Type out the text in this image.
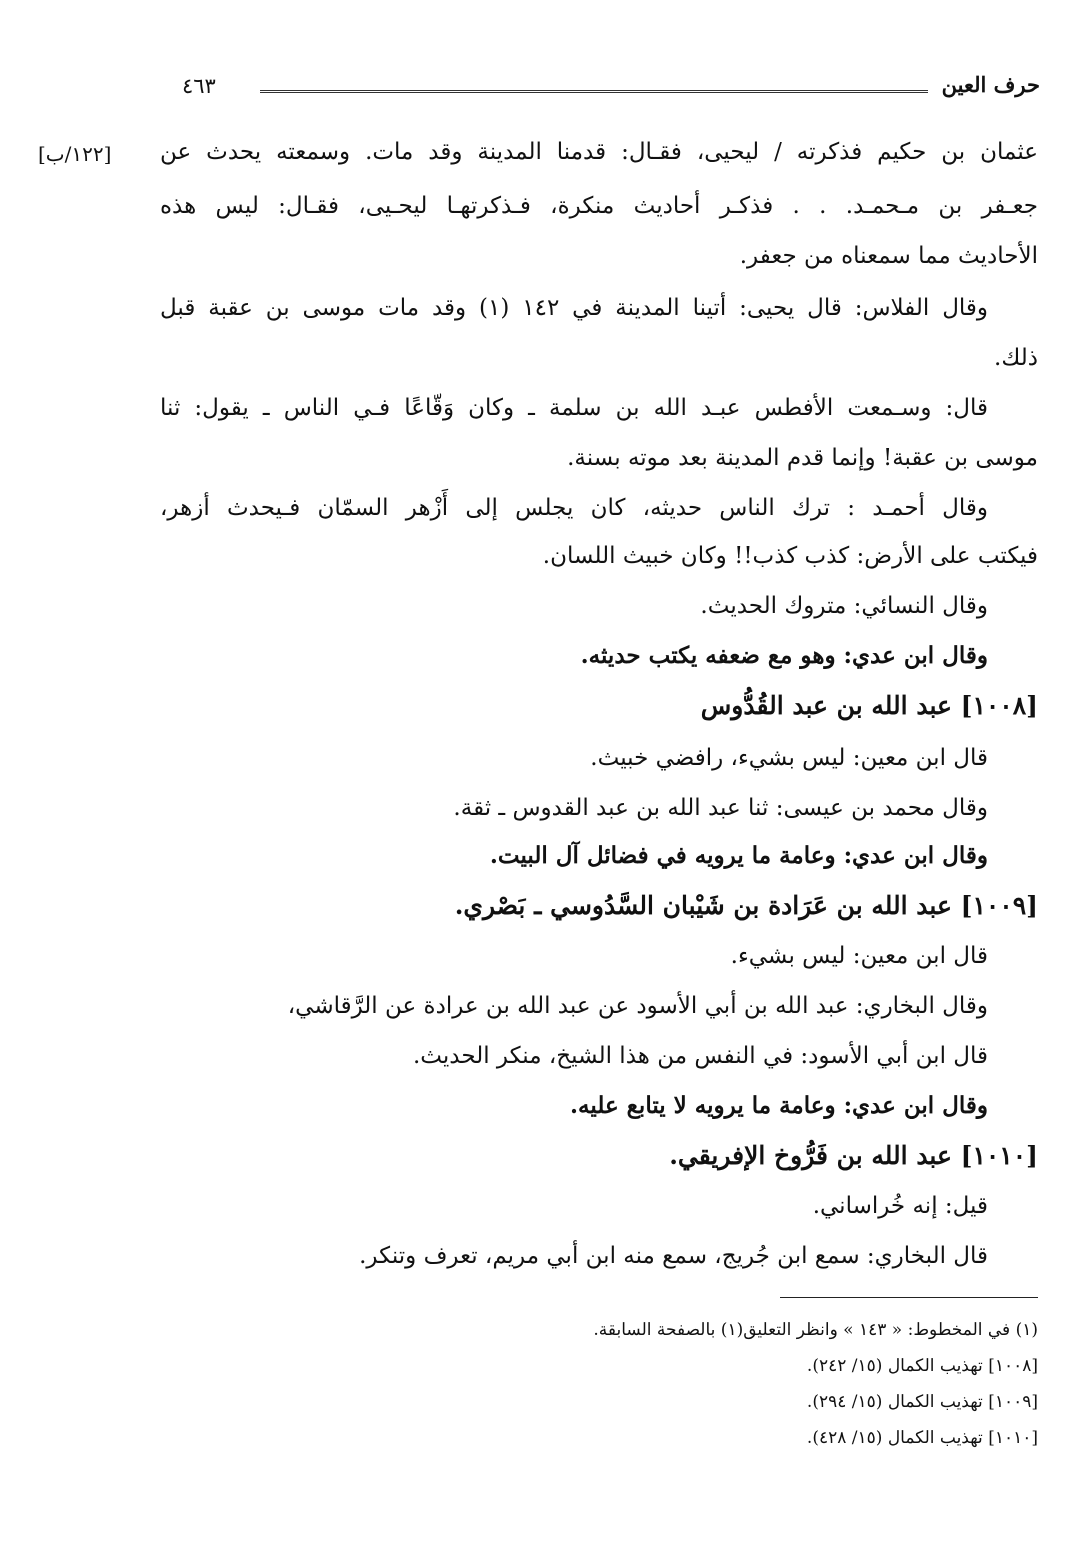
حرف العين
٤٦٣
[١٢٢/ب] عثمان بن حكيم فذكرته / ليحيى، فقـال: قدمنا المدينة وقد مات. وسمعته يحدث عن
جعـفر بن مـحمـد. . . فذكـر أحاديث منكرة، فـذكرتهـا ليحـيى، فقـال: ليس هذه
الأحاديث مما سمعناه من جعفر.
وقال الفلاس: قال يحيى: أتينا المدينة في ١٤٢ (١) وقد مات موسى بن عقبة قبل
ذلك.
قال: وسـمعت الأفطس عبـد الله بن سلمة ـ وكان وَقّاعًا فـي الناس ـ يقول: ثنا
موسى بن عقبة! وإنما قدم المدينة بعد موته بسنة.
وقال أحمـد : ترك الناس حديثه، كان يجلس إلى أَزْهر السمّان فـيحدث أزهر،
فيكتب على الأرض: كذب كذب!! وكان خبيث اللسان.
وقال النسائي: متروك الحديث.
وقال ابن عدي: وهو مع ضعفه يكتب حديثه.
[١٠٠٨] عبد الله بن عبد القُدُّوس
قال ابن معين: ليس بشيء، رافضي خبيث.
وقال محمد بن عيسى: ثنا عبد الله بن عبد القدوس ـ ثقة.
وقال ابن عدي: وعامة ما يرويه في فضائل آل البيت.
[١٠٠٩] عبد الله بن عَرَادة بن شَيْبان السَّدُوسي ـ بَصْري.
قال ابن معين: ليس بشيء.
وقال البخاري: عبد الله بن أبي الأسود عن عبد الله بن عرادة عن الرَّقاشي،
قال ابن أبي الأسود: في النفس من هذا الشيخ، منكر الحديث.
وقال ابن عدي: وعامة ما يرويه لا يتابع عليه.
[١٠١٠] عبد الله بن فَرُّوخ الإفريقي.
قيل: إنه خُراساني.
قال البخاري: سمع ابن جُريج، سمع منه ابن أبي مريم، تعرف وتنكر.
(١) في المخطوط: « ١٤٣ » وانظر التعليق(١) بالصفحة السابقة.
[١٠٠٨] تهذيب الكمال (١٥/ ٢٤٢).
[١٠٠٩] تهذيب الكمال (١٥/ ٢٩٤).
[١٠١٠] تهذيب الكمال (١٥/ ٤٢٨).
